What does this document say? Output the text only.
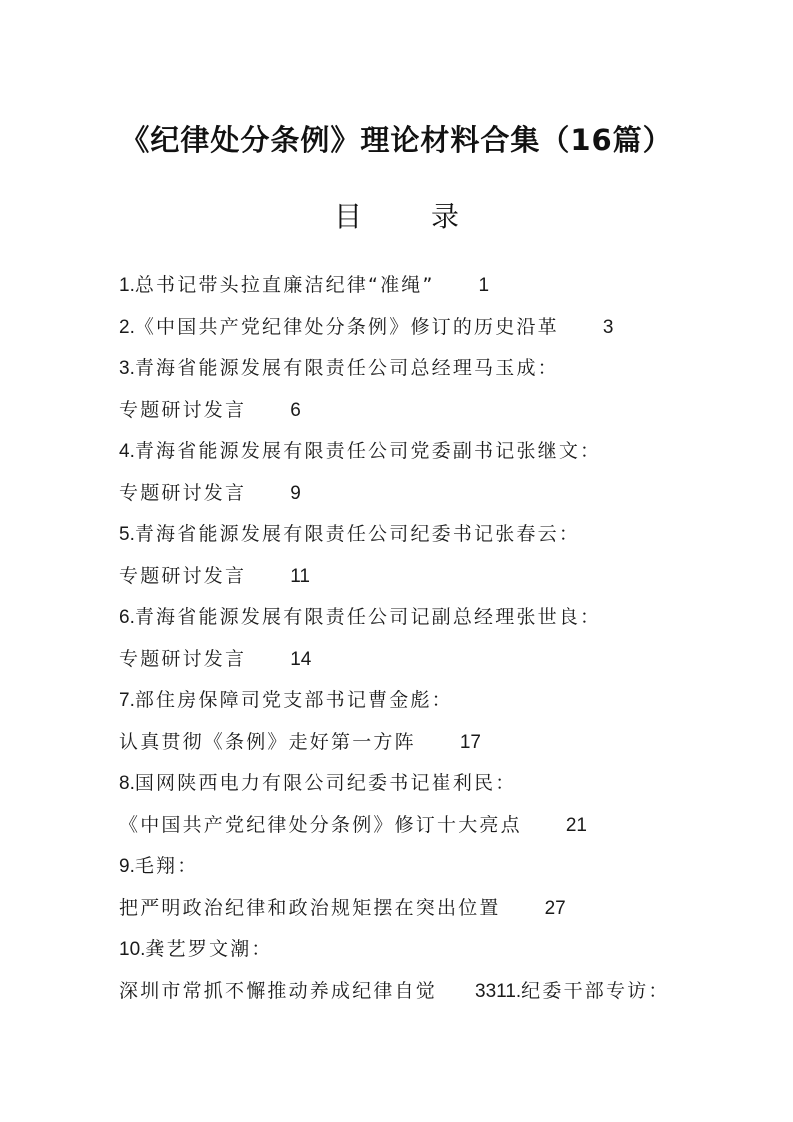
《纪律处分条例》理论材料合集（16篇）
目 录
1.总书记带头拉直廉洁纪律“准绳” 1
2.《中国共产党纪律处分条例》修订的历史沿革 3
3.青海省能源发展有限责任公司总经理马玉成：
专题研讨发言 6
4.青海省能源发展有限责任公司党委副书记张继文：
专题研讨发言 9
5.青海省能源发展有限责任公司纪委书记张春云：
专题研讨发言 11
6.青海省能源发展有限责任公司记副总经理张世良：
专题研讨发言 14
7.部住房保障司党支部书记曹金彪：
认真贯彻《条例》走好第一方阵 17
8.国网陕西电力有限公司纪委书记崔利民：
《中国共产党纪律处分条例》修订十大亮点 21
9.毛翔：
把严明政治纪律和政治规矩摆在突出位置 27
10.龚艺罗文潮：
深圳市常抓不懈推动养成纪律自觉 3311.纪委干部专访：
